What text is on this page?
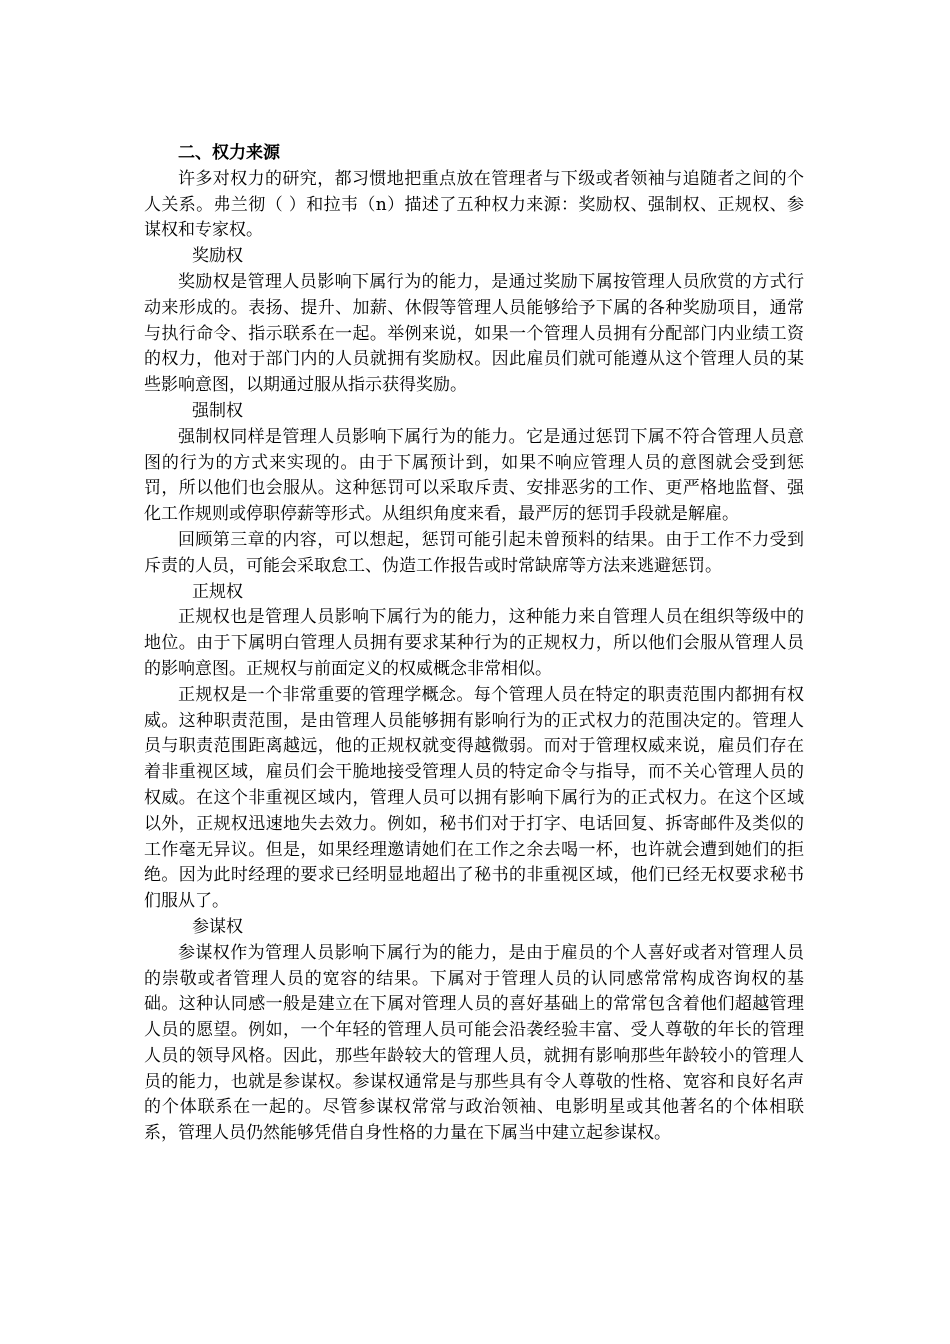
二、权力来源
许多对权力的研究，都习惯地把重点放在管理者与下级或者领袖与追随者之间的个人关系。弗兰彻（ ）和拉韦（n）描述了五种权力来源：奖励权、强制权、正规权、参谋权和专家权。
奖励权
奖励权是管理人员影响下属行为的能力，是通过奖励下属按管理人员欣赏的方式行动来形成的。表扬、提升、加薪、休假等管理人员能够给予下属的各种奖励项目，通常与执行命令、指示联系在一起。举例来说，如果一个管理人员拥有分配部门内业绩工资的权力，他对于部门内的人员就拥有奖励权。因此雇员们就可能遵从这个管理人员的某些影响意图，以期通过服从指示获得奖励。
强制权
强制权同样是管理人员影响下属行为的能力。它是通过惩罚下属不符合管理人员意图的行为的方式来实现的。由于下属预计到，如果不响应管理人员的意图就会受到惩罚，所以他们也会服从。这种惩罚可以采取斥责、安排恶劣的工作、更严格地监督、强化工作规则或停职停薪等形式。从组织角度来看，最严厉的惩罚手段就是解雇。
回顾第三章的内容，可以想起，惩罚可能引起未曾预料的结果。由于工作不力受到斥责的人员，可能会采取怠工、伪造工作报告或时常缺席等方法来逃避惩罚。
正规权
正规权也是管理人员影响下属行为的能力，这种能力来自管理人员在组织等级中的地位。由于下属明白管理人员拥有要求某种行为的正规权力，所以他们会服从管理人员的影响意图。正规权与前面定义的权威概念非常相似。
正规权是一个非常重要的管理学概念。每个管理人员在特定的职责范围内都拥有权威。这种职责范围，是由管理人员能够拥有影响行为的正式权力的范围决定的。管理人员与职责范围距离越远，他的正规权就变得越微弱。而对于管理权威来说，雇员们存在着非重视区域，雇员们会干脆地接受管理人员的特定命令与指导，而不关心管理人员的权威。在这个非重视区域内，管理人员可以拥有影响下属行为的正式权力。在这个区域以外，正规权迅速地失去效力。例如，秘书们对于打字、电话回复、拆寄邮件及类似的工作毫无异议。但是，如果经理邀请她们在工作之余去喝一杯，也许就会遭到她们的拒绝。因为此时经理的要求已经明显地超出了秘书的非重视区域，他们已经无权要求秘书们服从了。
参谋权
参谋权作为管理人员影响下属行为的能力，是由于雇员的个人喜好或者对管理人员的崇敬或者管理人员的宽容的结果。下属对于管理人员的认同感常常构成咨询权的基础。这种认同感一般是建立在下属对管理人员的喜好基础上的常常包含着他们超越管理人员的愿望。例如，一个年轻的管理人员可能会沿袭经验丰富、受人尊敬的年长的管理人员的领导风格。因此，那些年龄较大的管理人员，就拥有影响那些年龄较小的管理人员的能力，也就是参谋权。参谋权通常是与那些具有令人尊敬的性格、宽容和良好名声的个体联系在一起的。尽管参谋权常常与政治领袖、电影明星或其他著名的个体相联系，管理人员仍然能够凭借自身性格的力量在下属当中建立起参谋权。
